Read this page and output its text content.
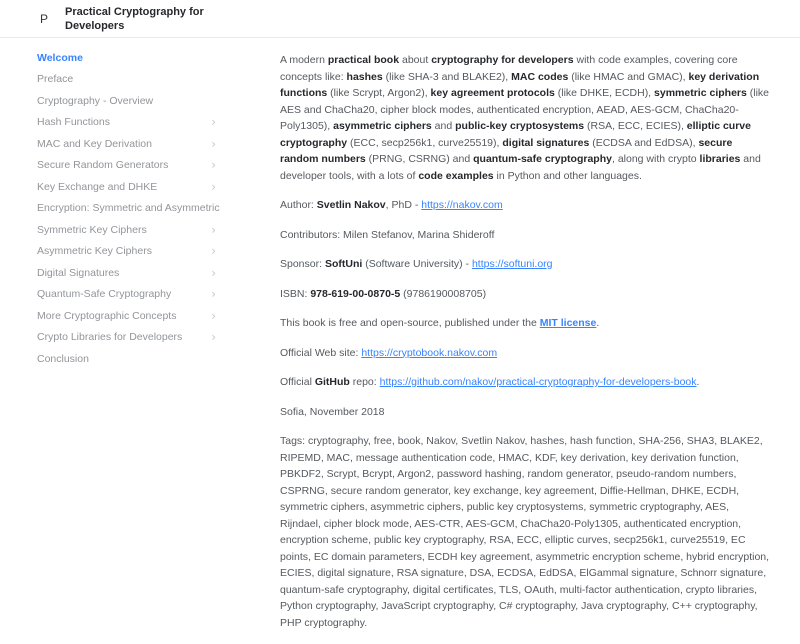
P Practical Cryptography for Developers
Welcome
Preface
Cryptography - Overview
Hash Functions	›
MAC and Key Derivation	›
Secure Random Generators	›
Key Exchange and DHKE	›
Encryption: Symmetric and Asymmetric
Symmetric Key Ciphers	›
Asymmetric Key Ciphers	›
Digital Signatures	›
Quantum-Safe Cryptography	›
More Cryptographic Concepts	›
Crypto Libraries for Developers ›
Conclusion

A modern practical book about cryptography for developers with code examples, covering core concepts like: hashes (like SHA-3 and BLAKE2), MAC codes (like HMAC and GMAC), key derivation functions (like Scrypt, Argon2), key agreement protocols (like DHKE, ECDH), symmetric ciphers (like AES and ChaCha20, cipher block modes, authenticated encryption, AEAD, AES-GCM, ChaCha20-Poly1305), asymmetric ciphers and public-key cryptosystems (RSA, ECC, ECIES), elliptic curve cryptography (ECC, secp256k1, curve25519), digital signatures (ECDSA and EdDSA), secure random numbers (PRNG, CSRNG) and quantum-safe cryptography, along with crypto libraries and developer tools, with a lots of code examples in Python and other languages.

Author: Svetlin Nakov, PhD - https://nakov.com

Contributors: Milen Stefanov, Marina Shideroff

Sponsor: SoftUni (Software University) - https://softuni.org

ISBN: 978-619-00-0870-5 (9786190008705)

This book is free and open-source, published under the MIT license.

Official Web site: https://cryptobook.nakov.com

Official GitHub repo: https://github.com/nakov/practical-cryptography-for-developers-book.

Sofia, November 2018

Tags: cryptography, free, book, Nakov, Svetlin Nakov, hashes, hash function, SHA-256, SHA3, BLAKE2, RIPEMD, MAC, message authentication code, HMAC, KDF, key derivation, key derivation function, PBKDF2, Scrypt, Bcrypt, Argon2, password hashing, random generator, pseudo-random numbers, CSPRNG, secure random generator, key exchange, key agreement, Diffie-Hellman, DHKE, ECDH, symmetric ciphers, asymmetric ciphers, public key cryptosystems, symmetric cryptography, AES, Rijndael, cipher block mode, AES-CTR, AES-GCM, ChaCha20-Poly1305, authenticated encryption, encryption scheme, public key cryptography, RSA, ECC, elliptic curves, secp256k1, curve25519, EC points, EC domain parameters, ECDH key agreement, asymmetric encryption scheme, hybrid encryption, ECIES, digital signature, RSA signature, DSA, ECDSA, EdDSA, ElGammal signature, Schnorr signature, quantum-safe cryptography, digital certificates, TLS, OAuth, multi-factor authentication, crypto libraries, Python cryptography, JavaScript cryptography, C# cryptography, Java cryptography, C++ cryptography, PHP cryptography.
